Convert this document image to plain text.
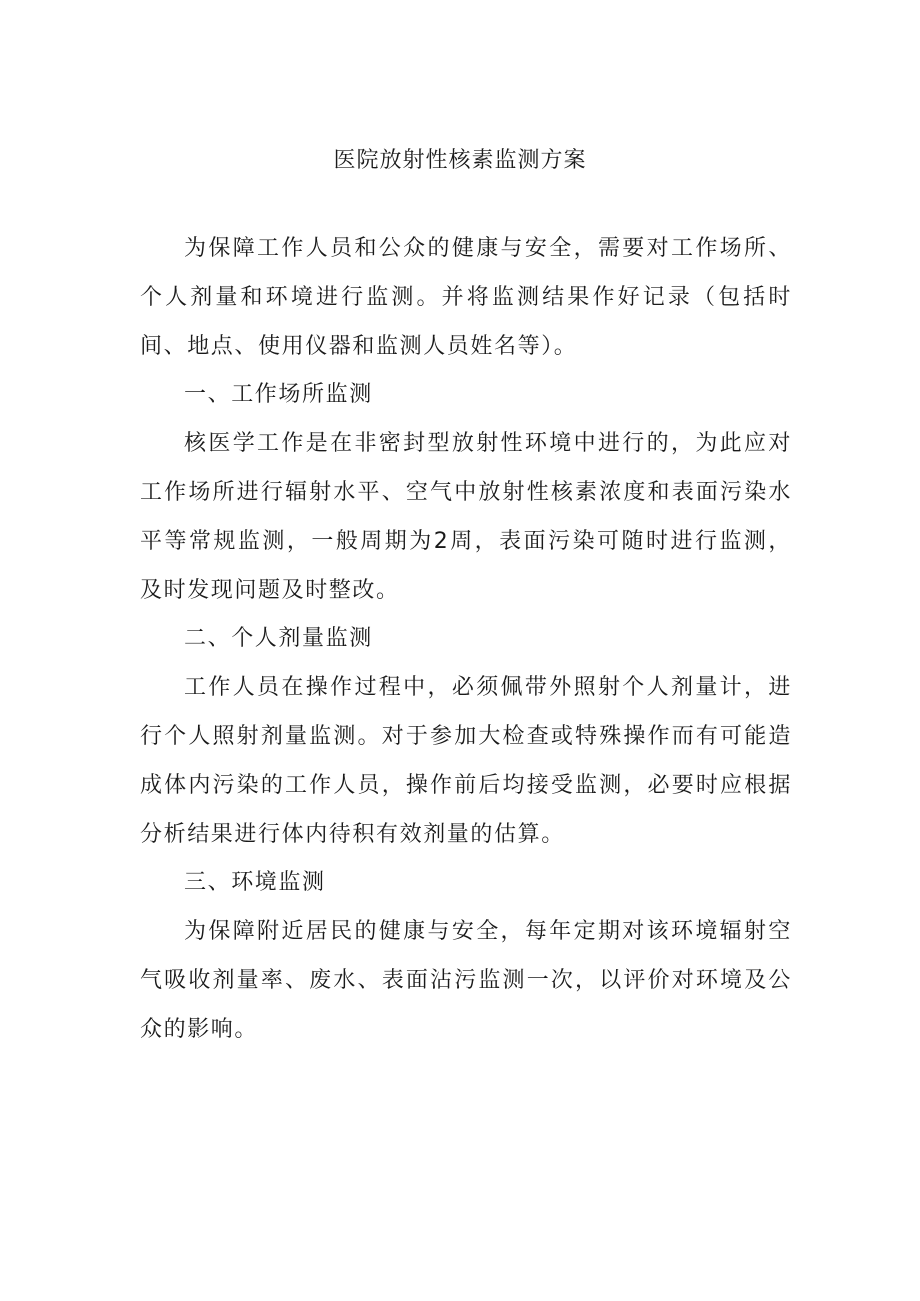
医院放射性核素监测方案

为保障工作人员和公众的健康与安全，需要对工作场所、个人剂量和环境进行监测。并将监测结果作好记录（包括时间、地点、使用仪器和监测人员姓名等）。

一、工作场所监测

核医学工作是在非密封型放射性环境中进行的，为此应对工作场所进行辐射水平、空气中放射性核素浓度和表面污染水平等常规监测，一般周期为2周，表面污染可随时进行监测，及时发现问题及时整改。

二、个人剂量监测

工作人员在操作过程中，必须佩带外照射个人剂量计，进行个人照射剂量监测。对于参加大检查或特殊操作而有可能造成体内污染的工作人员，操作前后均接受监测，必要时应根据分析结果进行体内待积有效剂量的估算。

三、环境监测

为保障附近居民的健康与安全，每年定期对该环境辐射空气吸收剂量率、废水、表面沾污监测一次，以评价对环境及公众的影响。
